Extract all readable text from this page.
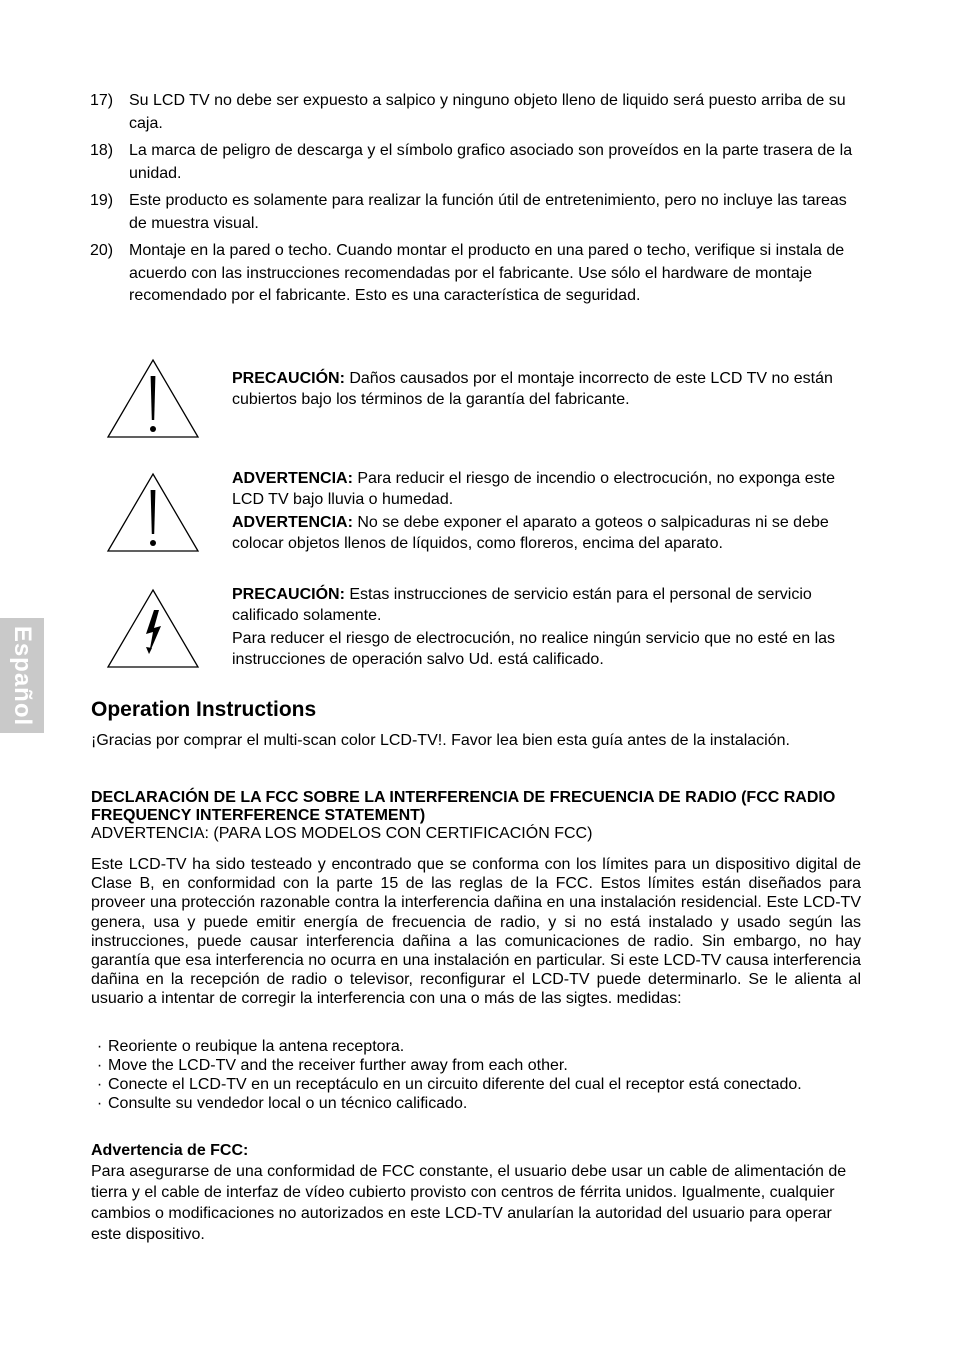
17) Su LCD TV no debe ser expuesto a salpico y ninguno objeto lleno de liquido será puesto arriba de su caja.
18) La marca de peligro de descarga y el símbolo grafico asociado son proveídos en la parte trasera de la unidad.
19) Este producto es solamente para realizar la función útil de entretenimiento, pero no incluye las tareas de muestra visual.
20) Montaje en la pared o techo. Cuando montar el producto en una pared o techo, verifique si instala de acuerdo con las instrucciones recomendadas por el fabricante. Use sólo el hardware de montaje recomendado por el fabricante. Esto es una característica de seguridad.

PRECAUCIÓN: Daños causados por el montaje incorrecto de este LCD TV no están cubiertos bajo los términos de la garantía del fabricante.

ADVERTENCIA: Para reducir el riesgo de incendio o electrocución, no exponga este LCD TV bajo lluvia o humedad.

ADVERTENCIA: No se debe exponer el aparato a goteos o salpicaduras ni se debe colocar objetos llenos de líquidos, como floreros, encima del aparato.

PRECAUCIÓN: Estas instrucciones de servicio están para el personal de servicio calificado solamente.

Para reducer el riesgo de electrocución, no realice ningún servicio que no esté en las instrucciones de operación salvo Ud. está calificado.

Español	Operation Instructions

¡Gracias por comprar el multi-scan color LCD-TV!. Favor lea bien esta guía antes de la instalación.

DECLARACIÓN DE LA FCC SOBRE LA INTERFERENCIA DE FRECUENCIA DE RADIO (FCC RADIO FREQUENCY INTERFERENCE STATEMENT)

ADVERTENCIA: (PARA LOS MODELOS CON CERTIFICACIÓN FCC)

Este LCD-TV ha sido testeado y encontrado que se conforma con los límites para un dispositivo digital de Clase B, en conformidad con la parte 15 de las reglas de la FCC. Estos límites están diseñados para proveer una protección razonable contra la interferencia dañina en una instalación residencial. Este LCD-TV genera, usa y puede emitir energía de frecuencia de radio, y si no está instalado y usado según las instrucciones, puede causar interferencia dañina a las comunicaciones de radio. Sin embargo, no hay garantía que esa interferencia no ocurra en una instalación en particular. Si este LCD-TV causa interferencia dañina en la recepción de radio o televisor, reconfigurar el LCD-TV puede determinarlo. Se le alienta al usuario a intentar de corregir la interferencia con una o más de las sigtes. medidas:

· Reoriente o reubique la antena receptora.
· Move the LCD-TV and the receiver further away from each other.
· Conecte el LCD-TV en un receptáculo en un circuito diferente del cual el receptor está conectado.
· Consulte su vendedor local o un técnico calificado.

Advertencia de FCC:

Para asegurarse de una conformidad de FCC constante, el usuario debe usar un cable de alimentación de tierra y el cable de interfaz de vídeo cubierto provisto con centros de férrita unidos. Igualmente, cualquier cambios o modificaciones no autorizados en este LCD-TV anularían la autoridad del usuario para operar este dispositivo.
